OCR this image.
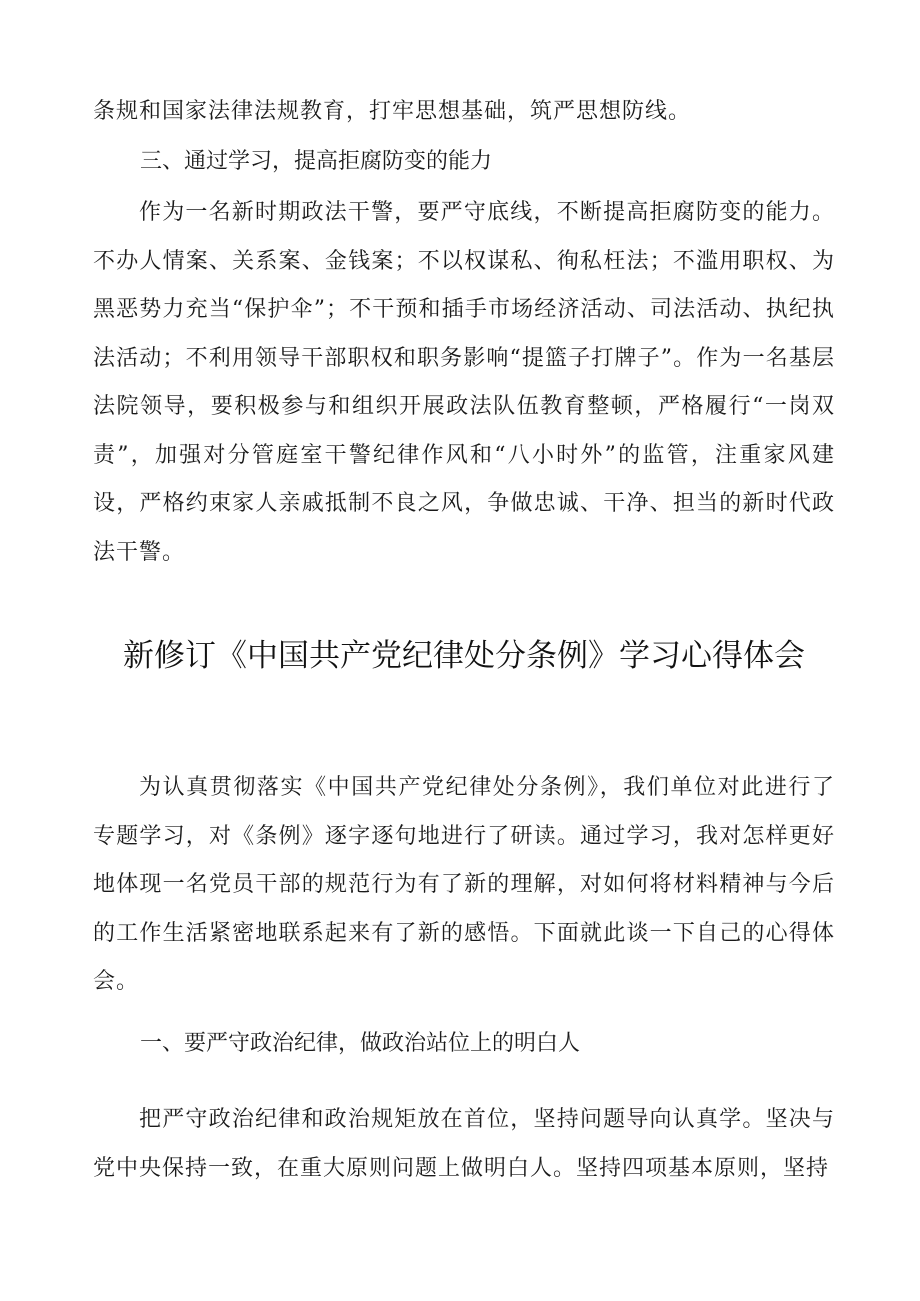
条规和国家法律法规教育，打牢思想基础，筑严思想防线。

三、通过学习，提高拒腐防变的能力

作为一名新时期政法干警，要严守底线，不断提高拒腐防变的能力。不办人情案、关系案、金钱案；不以权谋私、徇私枉法；不滥用职权、为黑恶势力充当“保护伞”；不干预和插手市场经济活动、司法活动、执纪执法活动；不利用领导干部职权和职务影响“提篮子打牌子”。作为一名基层法院领导，要积极参与和组织开展政法队伍教育整顿，严格履行“一岗双责”，加强对分管庭室干警纪律作风和“八小时外”的监管，注重家风建设，严格约束家人亲戚抵制不良之风，争做忠诚、干净、担当的新时代政法干警。

新修订《中国共产党纪律处分条例》学习心得体会

为认真贯彻落实《中国共产党纪律处分条例》，我们单位对此进行了专题学习，对《条例》逐字逐句地进行了研读。通过学习，我对怎样更好地体现一名党员干部的规范行为有了新的理解，对如何将材料精神与今后的工作生活紧密地联系起来有了新的感悟。下面就此谈一下自己的心得体会。

一、要严守政治纪律，做政治站位上的明白人

把严守政治纪律和政治规矩放在首位，坚持问题导向认真学。坚决与党中央保持一致，在重大原则问题上做明白人。坚持四项基本原则，坚持
